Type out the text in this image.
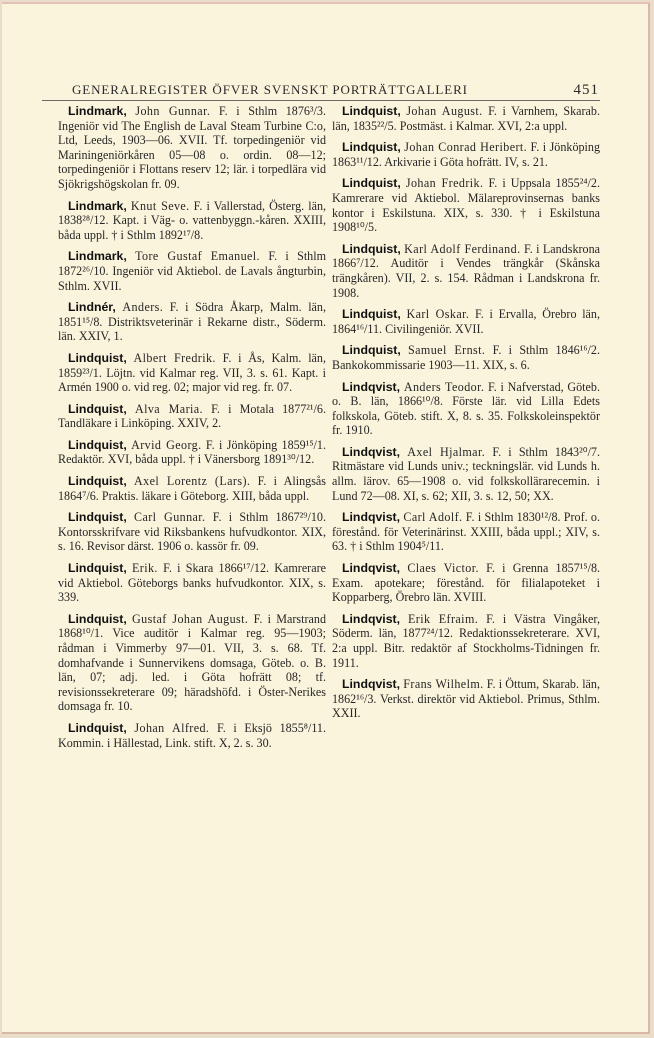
GENERALREGISTER ÖFVER SVENSKT PORTRÄTTGALLERI	451

Lindmark, John Gunnar. F. i Sthlm 1876³/3. Ingeniör vid The English de Laval Steam Turbine C:o, Ltd, Leeds, 1903—06. XVII. Tf. torpedingeniör vid Mariningeniörkåren 05—08 o. ordin. 08—12; torpedingeniör i Flottans reserv 12; lär. i torpedlära vid Sjökrigshögskolan fr. 09.

Lindmark, Knut Seve. F. i Vallerstad, Österg. län, 1838²⁸/12. Kapt. i Väg- o. vattenbyggn.-kåren. XXIII, båda uppl. † i Sthlm 1892¹⁷/8.

Lindmark, Tore Gustaf Emanuel. F. i Sthlm 1872²⁶/10. Ingeniör vid Aktiebol. de Lavals ångturbin, Sthlm. XVII.

Lindnér, Anders. F. i Södra Åkarp, Malm. län, 1851¹⁵/8. Distriktsveterinär i Rekarne distr., Söderm. län. XXIV, 1.

Lindquist, Albert Fredrik. F. i Ås, Kalm. län, 1859²³/1. Löjtn. vid Kalmar reg. VII, 3. s. 61. Kapt. i Armén 1900 o. vid reg. 02; major vid reg. fr. 07.

Lindquist, Alva Maria. F. i Motala 1877²¹/6. Tandläkare i Linköping. XXIV, 2.

Lindquist, Arvid Georg. F. i Jönköping 1859¹⁵/1. Redaktör. XVI, båda uppl. † i Vänersborg 1891³⁰/12.

Lindquist, Axel Lorentz (Lars). F. i Alingsås 1864⁷/6. Praktis. läkare i Göteborg. XIII, båda uppl.

Lindquist, Carl Gunnar. F. i Sthlm 1867²⁹/10. Kontorsskrifvare vid Riksbankens hufvudkontor. XIX, s. 16. Revisor därst. 1906 o. kassör fr. 09.

Lindquist, Erik. F. i Skara 1866¹⁷/12. Kamrerare vid Aktiebol. Göteborgs banks hufvudkontor. XIX, s. 339.

Lindquist, Gustaf Johan August. F. i Marstrand 1868¹⁰/1. Vice auditör i Kalmar reg. 95—1903; rådman i Vimmerby 97—01. VII, 3. s. 68. Tf. domhafvande i Sunnervikens domsaga, Göteb. o. B. län, 07; adj. led. i Göta hofrätt 08; tf. revisionssekreterare 09; häradshöfd. i Öster-Nerikes domsaga fr. 10.

Lindquist, Johan Alfred. F. i Eksjö 1855⁸/11. Kommin. i Hällestad, Link. stift. X, 2. s. 30.

Lindquist, Johan August. F. i Varnhem, Skarab. län, 1835²²/5. Postmäst. i Kalmar. XVI, 2:a uppl.

Lindquist, Johan Conrad Heribert. F. i Jönköping 1863¹¹/12. Arkivarie i Göta hofrätt. IV, s. 21.

Lindquist, Johan Fredrik. F. i Uppsala 1855²⁴/2. Kamrerare vid Aktiebol. Mälareprovinsernas banks kontor i Eskilstuna. XIX, s. 330. † i Eskilstuna 1908¹⁰/5.

Lindquist, Karl Adolf Ferdinand. F. i Landskrona 1866⁷/12. Auditör i Vendes trängkår (Skånska trängkåren). VII, 2. s. 154. Rådman i Landskrona fr. 1908.

Lindquist, Karl Oskar. F. i Ervalla, Örebro län, 1864¹⁶/11. Civilingeniör. XVII.

Lindquist, Samuel Ernst. F. i Sthlm 1846¹⁶/2. Bankokommissarie 1903—11. XIX, s. 6.

Lindqvist, Anders Teodor. F. i Nafverstad, Göteb. o. B. län, 1866¹⁰/8. Förste lär. vid Lilla Edets folkskola, Göteb. stift. X, 8. s. 35. Folkskoleinspektör fr. 1910.

Lindqvist, Axel Hjalmar. F. i Sthlm 1843²⁰/7. Ritmästare vid Lunds univ.; teckningslär. vid Lunds h. allm. lärov. 65—1908 o. vid folkskollärareсemin. i Lund 72—08. XI, s. 62; XII, 3. s. 12, 50; XX.

Lindqvist, Carl Adolf. F. i Sthlm 1830¹²/8. Prof. o. förestånd. för Veterinärinst. XXIII, båda uppl.; XIV, s. 63. † i Sthlm 1904⁵/11.

Lindqvist, Claes Victor. F. i Grenna 1857¹⁵/8. Exam. apotekare; förestånd. för filialapoteket i Kopparberg, Örebro län. XVIII.

Lindqvist, Erik Efraim. F. i Västra Vingåker, Söderm. län, 1877²⁴/12. Redaktionssekreterare. XVI, 2:a uppl. Bitr. redaktör af Stockholms-Tidningen fr. 1911.

Lindqvist, Frans Wilhelm. F. i Öttum, Skarab. län, 1862¹⁶/3. Verkst. direktör vid Aktiebol. Primus, Sthlm. XXII.
